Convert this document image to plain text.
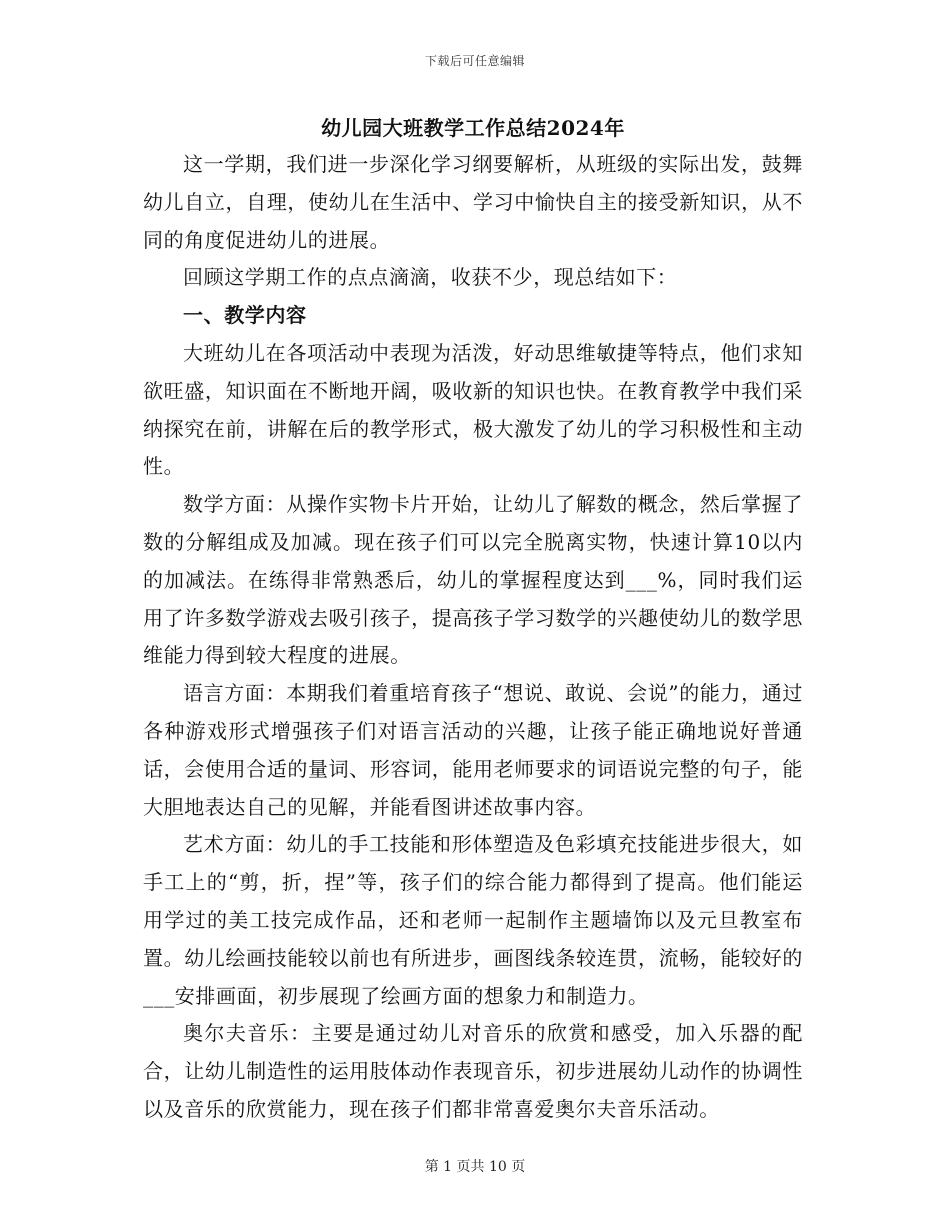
下载后可任意编辑
幼儿园大班教学工作总结2024年

这一学期，我们进一步深化学习纲要解析，从班级的实际出发，鼓舞幼儿自立，自理，使幼儿在生活中、学习中愉快自主的接受新知识，从不同的角度促进幼儿的进展。

回顾这学期工作的点点滴滴，收获不少，现总结如下：

一、教学内容

大班幼儿在各项活动中表现为活泼，好动思维敏捷等特点，他们求知欲旺盛，知识面在不断地开阔，吸收新的知识也快。在教育教学中我们采纳探究在前，讲解在后的教学形式，极大激发了幼儿的学习积极性和主动性。

数学方面：从操作实物卡片开始，让幼儿了解数的概念，然后掌握了数的分解组成及加减。现在孩子们可以完全脱离实物，快速计算10以内的加减法。在练得非常熟悉后，幼儿的掌握程度达到___%，同时我们运用了许多数学游戏去吸引孩子，提高孩子学习数学的兴趣使幼儿的数学思维能力得到较大程度的进展。

语言方面：本期我们着重培育孩子“想说、敢说、会说”的能力，通过各种游戏形式增强孩子们对语言活动的兴趣，让孩子能正确地说好普通话，会使用合适的量词、形容词，能用老师要求的词语说完整的句子，能大胆地表达自己的见解，并能看图讲述故事内容。

艺术方面：幼儿的手工技能和形体塑造及色彩填充技能进步很大，如手工上的“剪，折，捏”等，孩子们的综合能力都得到了提高。他们能运用学过的美工技完成作品，还和老师一起制作主题墙饰以及元旦教室布置。幼儿绘画技能较以前也有所进步，画图线条较连贯，流畅，能较好的___安排画面，初步展现了绘画方面的想象力和制造力。

奥尔夫音乐：主要是通过幼儿对音乐的欣赏和感受，加入乐器的配合，让幼儿制造性的运用肢体动作表现音乐，初步进展幼儿动作的协调性以及音乐的欣赏能力，现在孩子们都非常喜爱奥尔夫音乐活动。

第 1 页共 10 页
